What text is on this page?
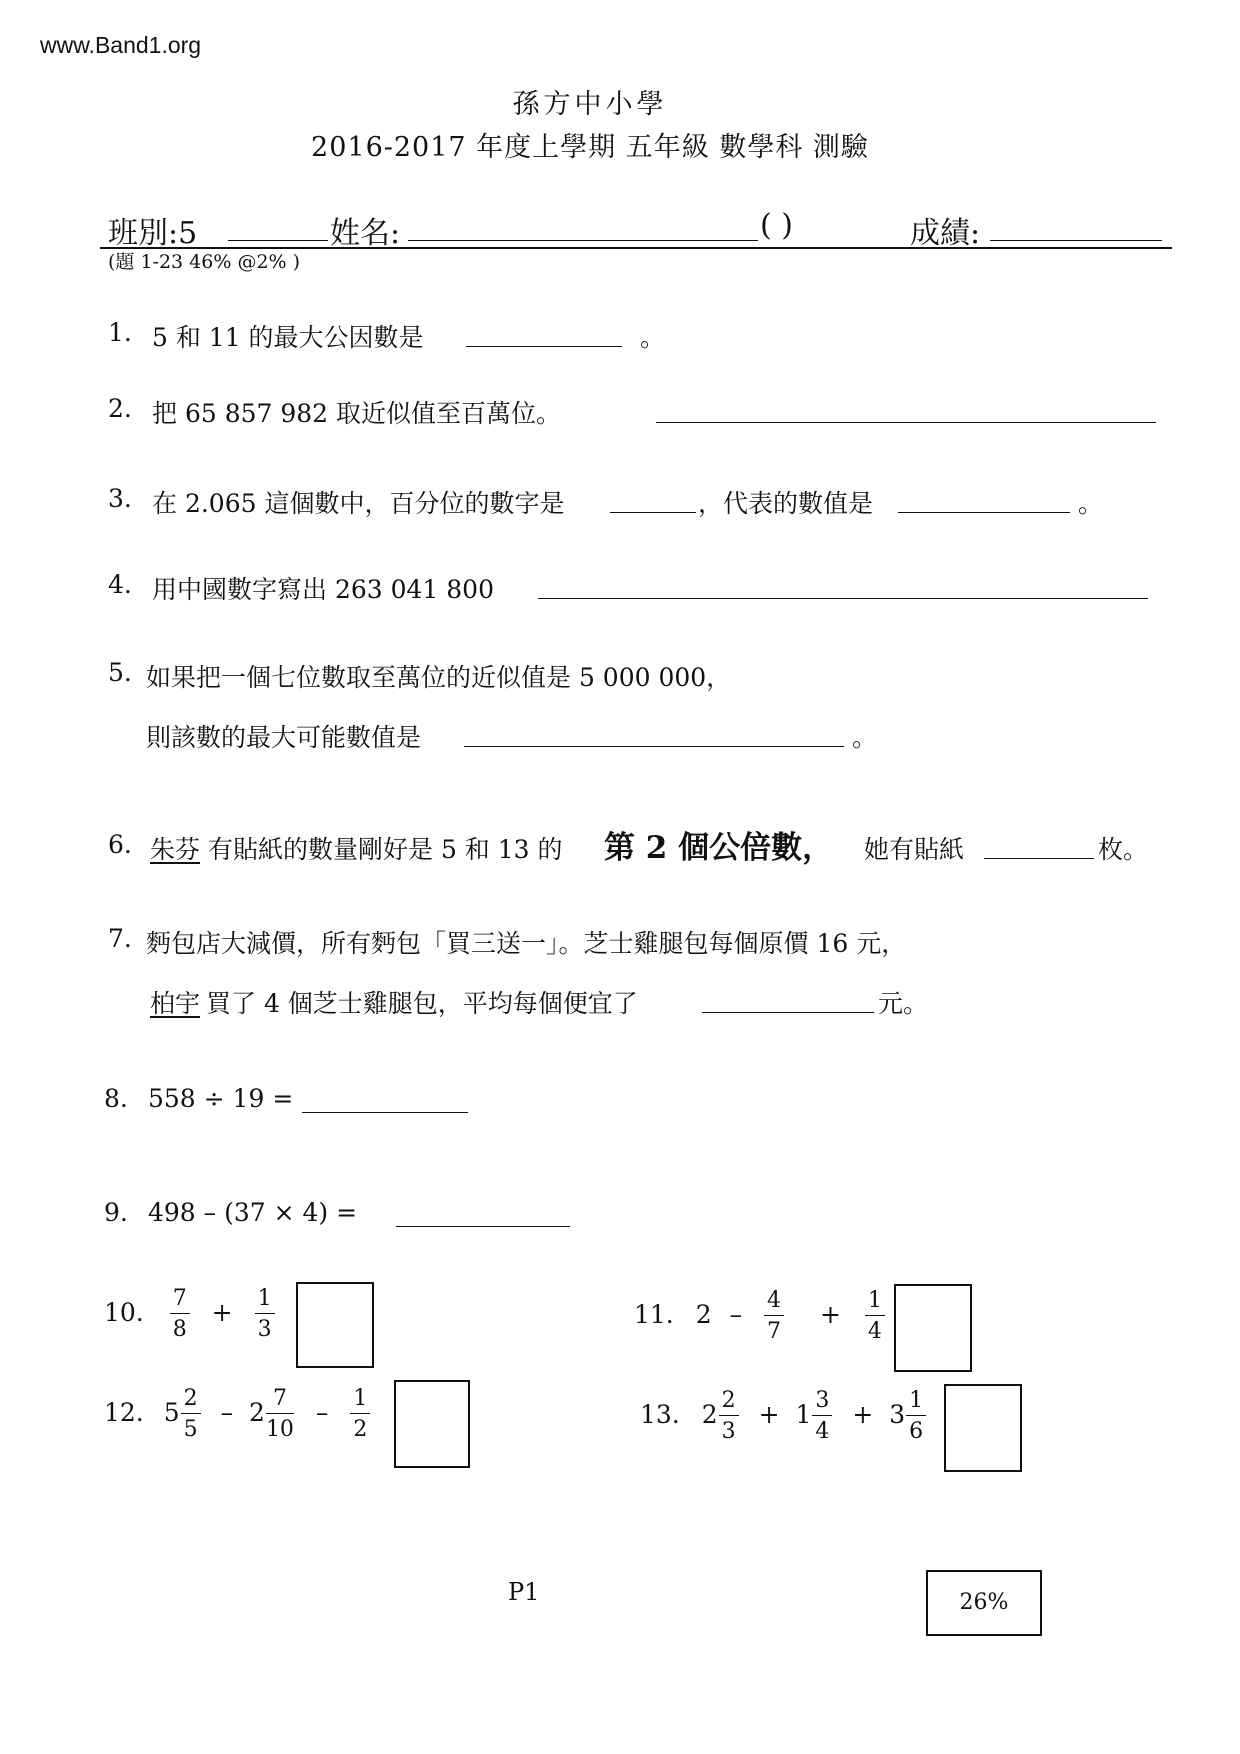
www.Band1.org
孫方中小學
2016-2017 年度上學期 五年級 數學科 測驗
班別:5	姓名:	( )	成績:
(題 1-23 46% @2% )
1. 5 和 11 的最大公因數是	。
2. 把 65 857 982 取近似值至百萬位。
3. 在 2.065 這個數中，百分位的數字是	，代表的數值是	。
4. 用中國數字寫出 263 041 800
5. 如果把一個七位數取至萬位的近似值是 5 000 000，
則該數的最大可能數值是	。
6. 朱芬 有貼紙的數量剛好是 5 和 13 的 第 2 個公倍數， 她有貼紙	枚。
7. 麪包店大減價，所有麪包「買三送一」。芝士雞腿包每個原價 16 元，
柏宇 買了 4 個芝士雞腿包，平均每個便宜了	元。
8. 558 ÷ 19 =
9. 498 – (37 × 4) =
10. $\frac{7}{8} + \frac{1}{3}$	11. $2 - \frac{4}{7} + \frac{1}{4}$
12. $5 \frac{2}{5} - 2 \frac{7}{10} - \frac{1}{2}$	13. $2 \frac{2}{3} + 1 \frac{3}{4} + 3 \frac{1}{6}$
P1	26%
